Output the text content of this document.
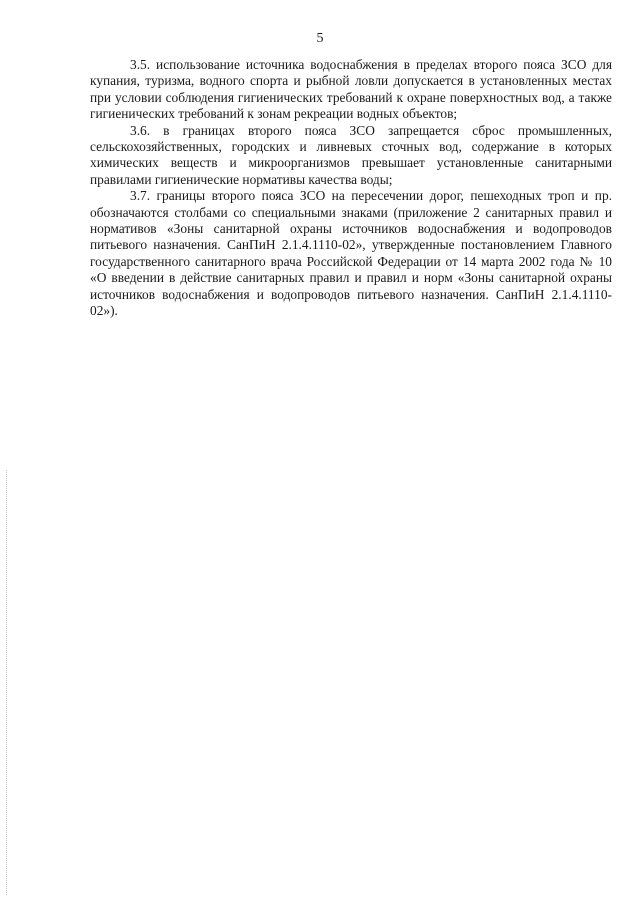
5

3.5. использование источника водоснабжения в пределах второго пояса ЗСО для купания, туризма, водного спорта и рыбной ловли допускается в установленных местах при условии соблюдения гигиенических требований к охране поверхностных вод, а также гигиенических требований к зонам рекреации водных объектов;

3.6. в границах второго пояса ЗСО запрещается сброс промышленных, сельскохозяйственных, городских и ливневых сточных вод, содержание в которых химических веществ и микроорганизмов превышает установленные санитарными правилами гигиенические нормативы качества воды;

3.7. границы второго пояса ЗСО на пересечении дорог, пешеходных троп и пр. обозначаются столбами со специальными знаками (приложение 2 санитарных правил и нормативов «Зоны санитарной охраны источников водоснабжения и водопроводов питьевого назначения. СанПиН 2.1.4.1110-02», утвержденные постановлением Главного государственного санитарного врача Российской Федерации от 14 марта 2002 года № 10 «О введении в действие санитарных правил и правил и норм «Зоны санитарной охраны источников водоснабжения и водопроводов питьевого назначения. СанПиН 2.1.4.1110-02»).
